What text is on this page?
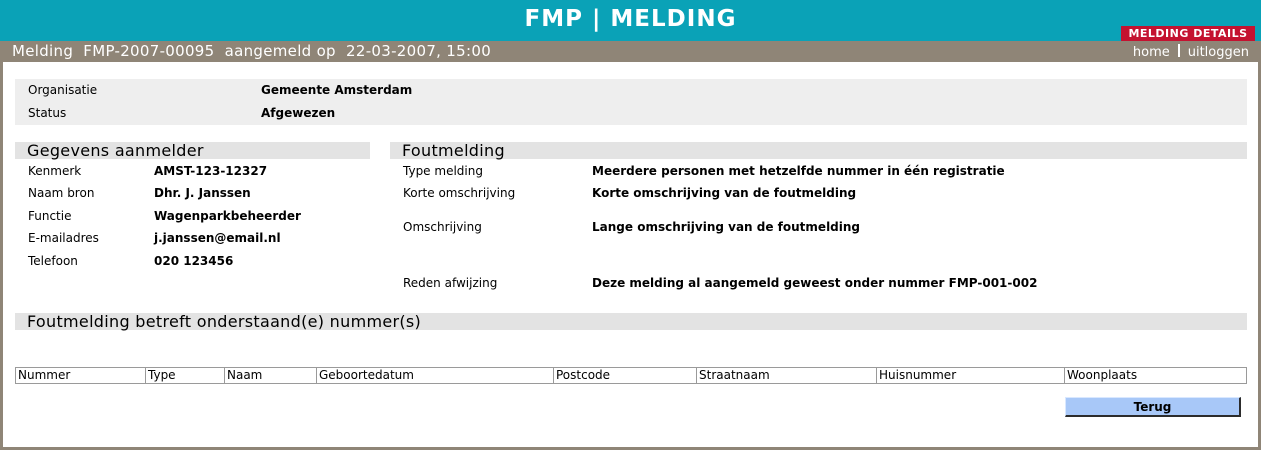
FMP | MELDING
MELDING DETAILS
Melding  FMP-2007-00095  aangemeld op  22-03-2007, 15:00	home uitloggen
Organisatie	Gemeente Amsterdam
Status	Afgewezen
Gegevens aanmelder
Kenmerk	AMST-123-12327
Naam bron	Dhr. J. Janssen
Functie	Wagenparkbeheerder
E-mailadres	j.janssen@email.nl
Telefoon	020 123456
Foutmelding
Type melding	Meerdere personen met hetzelfde nummer in één registratie
Korte omschrijving	Korte omschrijving van de foutmelding
Omschrijving	Lange omschrijving van de foutmelding
Reden afwijzing	Deze melding al aangemeld geweest onder nummer FMP-001-002
Foutmelding betreft onderstaand(e) nummer(s)
Nummer	Type	Naam	Geboortedatum	Postcode	Straatnaam	Huisnummer	Woonplaats
Terug
